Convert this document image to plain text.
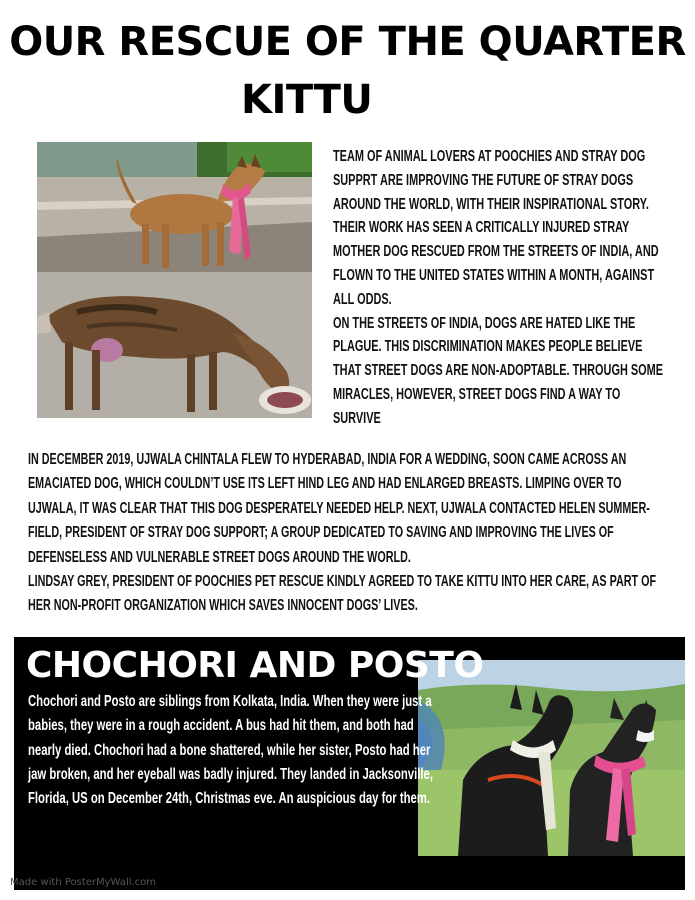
OUR RESCUE OF THE QUARTER
KITTU

TEAM OF ANIMAL LOVERS AT POOCHIES AND STRAY DOG SUPPRT ARE IMPROVING THE FUTURE OF STRAY DOGS AROUND THE WORLD, WITH THEIR INSPIRATIONAL STORY. THEIR WORK HAS SEEN A CRITICALLY INJURED STRAY MOTHER DOG RESCUED FROM THE STREETS OF INDIA, AND FLOWN TO THE UNITED STATES WITHIN A MONTH, AGAINST ALL ODDS.

ON THE STREETS OF INDIA, DOGS ARE HATED LIKE THE PLAGUE. THIS DISCRIMINATION MAKES PEOPLE BELIEVE THAT STREET DOGS ARE NON-ADOPTABLE. THROUGH SOME MIRACLES, HOWEVER, STREET DOGS FIND A WAY TO SURVIVE

IN DECEMBER 2019, UJWALA CHINTALA FLEW TO HYDERABAD, INDIA FOR A WEDDING, SOON CAME ACROSS AN EMACIATED DOG, WHICH COULDN’T USE ITS LEFT HIND LEG AND HAD ENLARGED BREASTS. LIMPING OVER TO UJWALA, IT WAS CLEAR THAT THIS DOG DESPERATELY NEEDED HELP. NEXT, UJWALA CONTACTED HELEN SUMMER-FIELD, PRESIDENT OF STRAY DOG SUPPORT; A GROUP DEDICATED TO SAVING AND IMPROVING THE LIVES OF DEFENSELESS AND VULNERABLE STREET DOGS AROUND THE WORLD.

LINDSAY GREY, PRESIDENT OF POOCHIES PET RESCUE KINDLY AGREED TO TAKE KITTU INTO HER CARE, AS PART OF HER NON-PROFIT ORGANIZATION WHICH SAVES INNOCENT DOGS’ LIVES.

CHOCHORI AND POSTO

Chochori and Posto are siblings from Kolkata, India. When they were just a babies, they were in a rough accident. A bus had hit them, and both had nearly died. Chochori had a bone shattered, while her sister, Posto had her jaw broken, and her eyeball was badly injured. They landed in Jacksonville, Florida, US on December 24th, Christmas eve. An auspicious day for them.

Made with PosterMyWall.com
